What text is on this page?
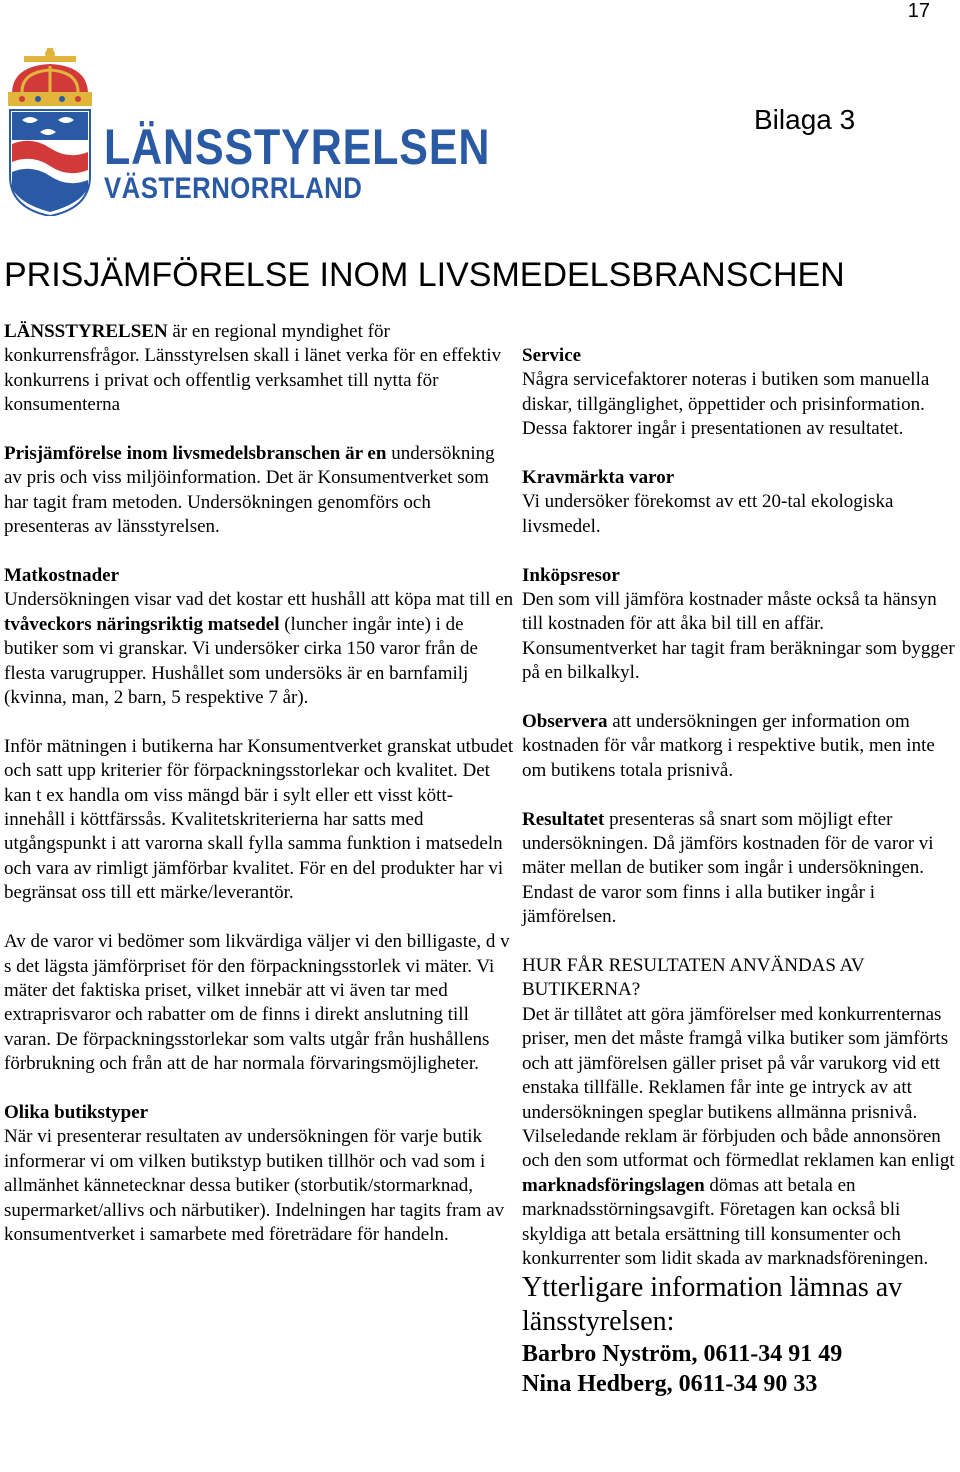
17
Bilaga 3
LÄNSSTYRELSEN
VÄSTERNORRLAND
PRISJÄMFÖRELSE INOM LIVSMEDELSBRANSCHEN

LÄNSSTYRELSEN är en regional myndighet för konkurrensfrågor. Länsstyrelsen skall i länet verka för en effektiv konkurrens i privat och offentlig verksamhet till nytta för konsumenterna

Prisjämförelse inom livsmedelsbranschen är en undersökning av pris och viss miljöinformation. Det är Konsumentverket som har tagit fram metoden. Undersökningen genomförs och presenteras av länsstyrelsen.

Matkostnader
Undersökningen visar vad det kostar ett hushåll att köpa mat till en tvåveckors näringsriktig matsedel (luncher ingår inte) i de butiker som vi granskar. Vi undersöker cirka 150 varor från de flesta varugrupper. Hushållet som undersöks är en barnfamilj (kvinna, man, 2 barn, 5 respektive 7 år).

Inför mätningen i butikerna har Konsumentverket granskat utbudet och satt upp kriterier för förpackningsstorlekar och kvalitet. Det kan t ex handla om viss mängd bär i sylt eller ett visst kött- innehåll i köttfärssås. Kvalitetskriterierna har satts med utgångspunkt i att varorna skall fylla samma funktion i matsedeln och vara av rimligt jämförbar kvalitet. För en del produkter har vi begränsat oss till ett märke/leverantör.

Av de varor vi bedömer som likvärdiga väljer vi den billigaste, d v s det lägsta jämförpriset för den förpackningsstorlek vi mäter. Vi mäter det faktiska priset, vilket innebär att vi även tar med extraprisvaror och rabatter om de finns i direkt anslutning till varan. De förpackningsstorlekar som valts utgår från hushållens förbrukning och från att de har normala förvaringsmöjligheter.

Olika butikstyper
När vi presenterar resultaten av undersökningen för varje butik informerar vi om vilken butikstyp butiken tillhör och vad som i allmänhet kännetecknar dessa butiker (storbutik/stormarknad, supermarket/allivs och närbutiker). Indelningen har tagits fram av konsumentverket i samarbete med företrädare för handeln.

Service
Några servicefaktorer noteras i butiken som manuella diskar, tillgänglighet, öppettider och prisinformation. Dessa faktorer ingår i presentationen av resultatet.

Kravmärkta varor
Vi undersöker förekomst av ett 20-tal ekologiska livsmedel.

Inköpsresor
Den som vill jämföra kostnader måste också ta hänsyn till kostnaden för att åka bil till en affär. Konsumentverket har tagit fram beräkningar som bygger på en bilkalkyl.

Observera att undersökningen ger information om kostnaden för vår matkorg i respektive butik, men inte om butikens totala prisnivå.

Resultatet presenteras så snart som möjligt efter undersökningen. Då jämförs kostnaden för de varor vi mäter mellan de butiker som ingår i undersökningen. Endast de varor som finns i alla butiker ingår i jämförelsen.

HUR FÅR RESULTATEN ANVÄNDAS AV BUTIKERNA?
Det är tillåtet att göra jämförelser med konkurrenternas priser, men det måste framgå vilka butiker som jämförts och att jämförelsen gäller priset på vår varukorg vid ett enstaka tillfälle. Reklamen får inte ge intryck av att undersökningen speglar butikens allmänna prisnivå. Vilseledande reklam är förbjuden och både annonsören och den som utformat och förmedlat reklamen kan enligt marknadsföringslagen dömas att betala en marknadsstörningsavgift. Företagen kan också bli skyldiga att betala ersättning till konsumenter och konkurrenter som lidit skada av marknadsföreningen.

Ytterligare information lämnas av länsstyrelsen:
Barbro Nyström, 0611-34 91 49
Nina Hedberg, 0611-34 90 33
